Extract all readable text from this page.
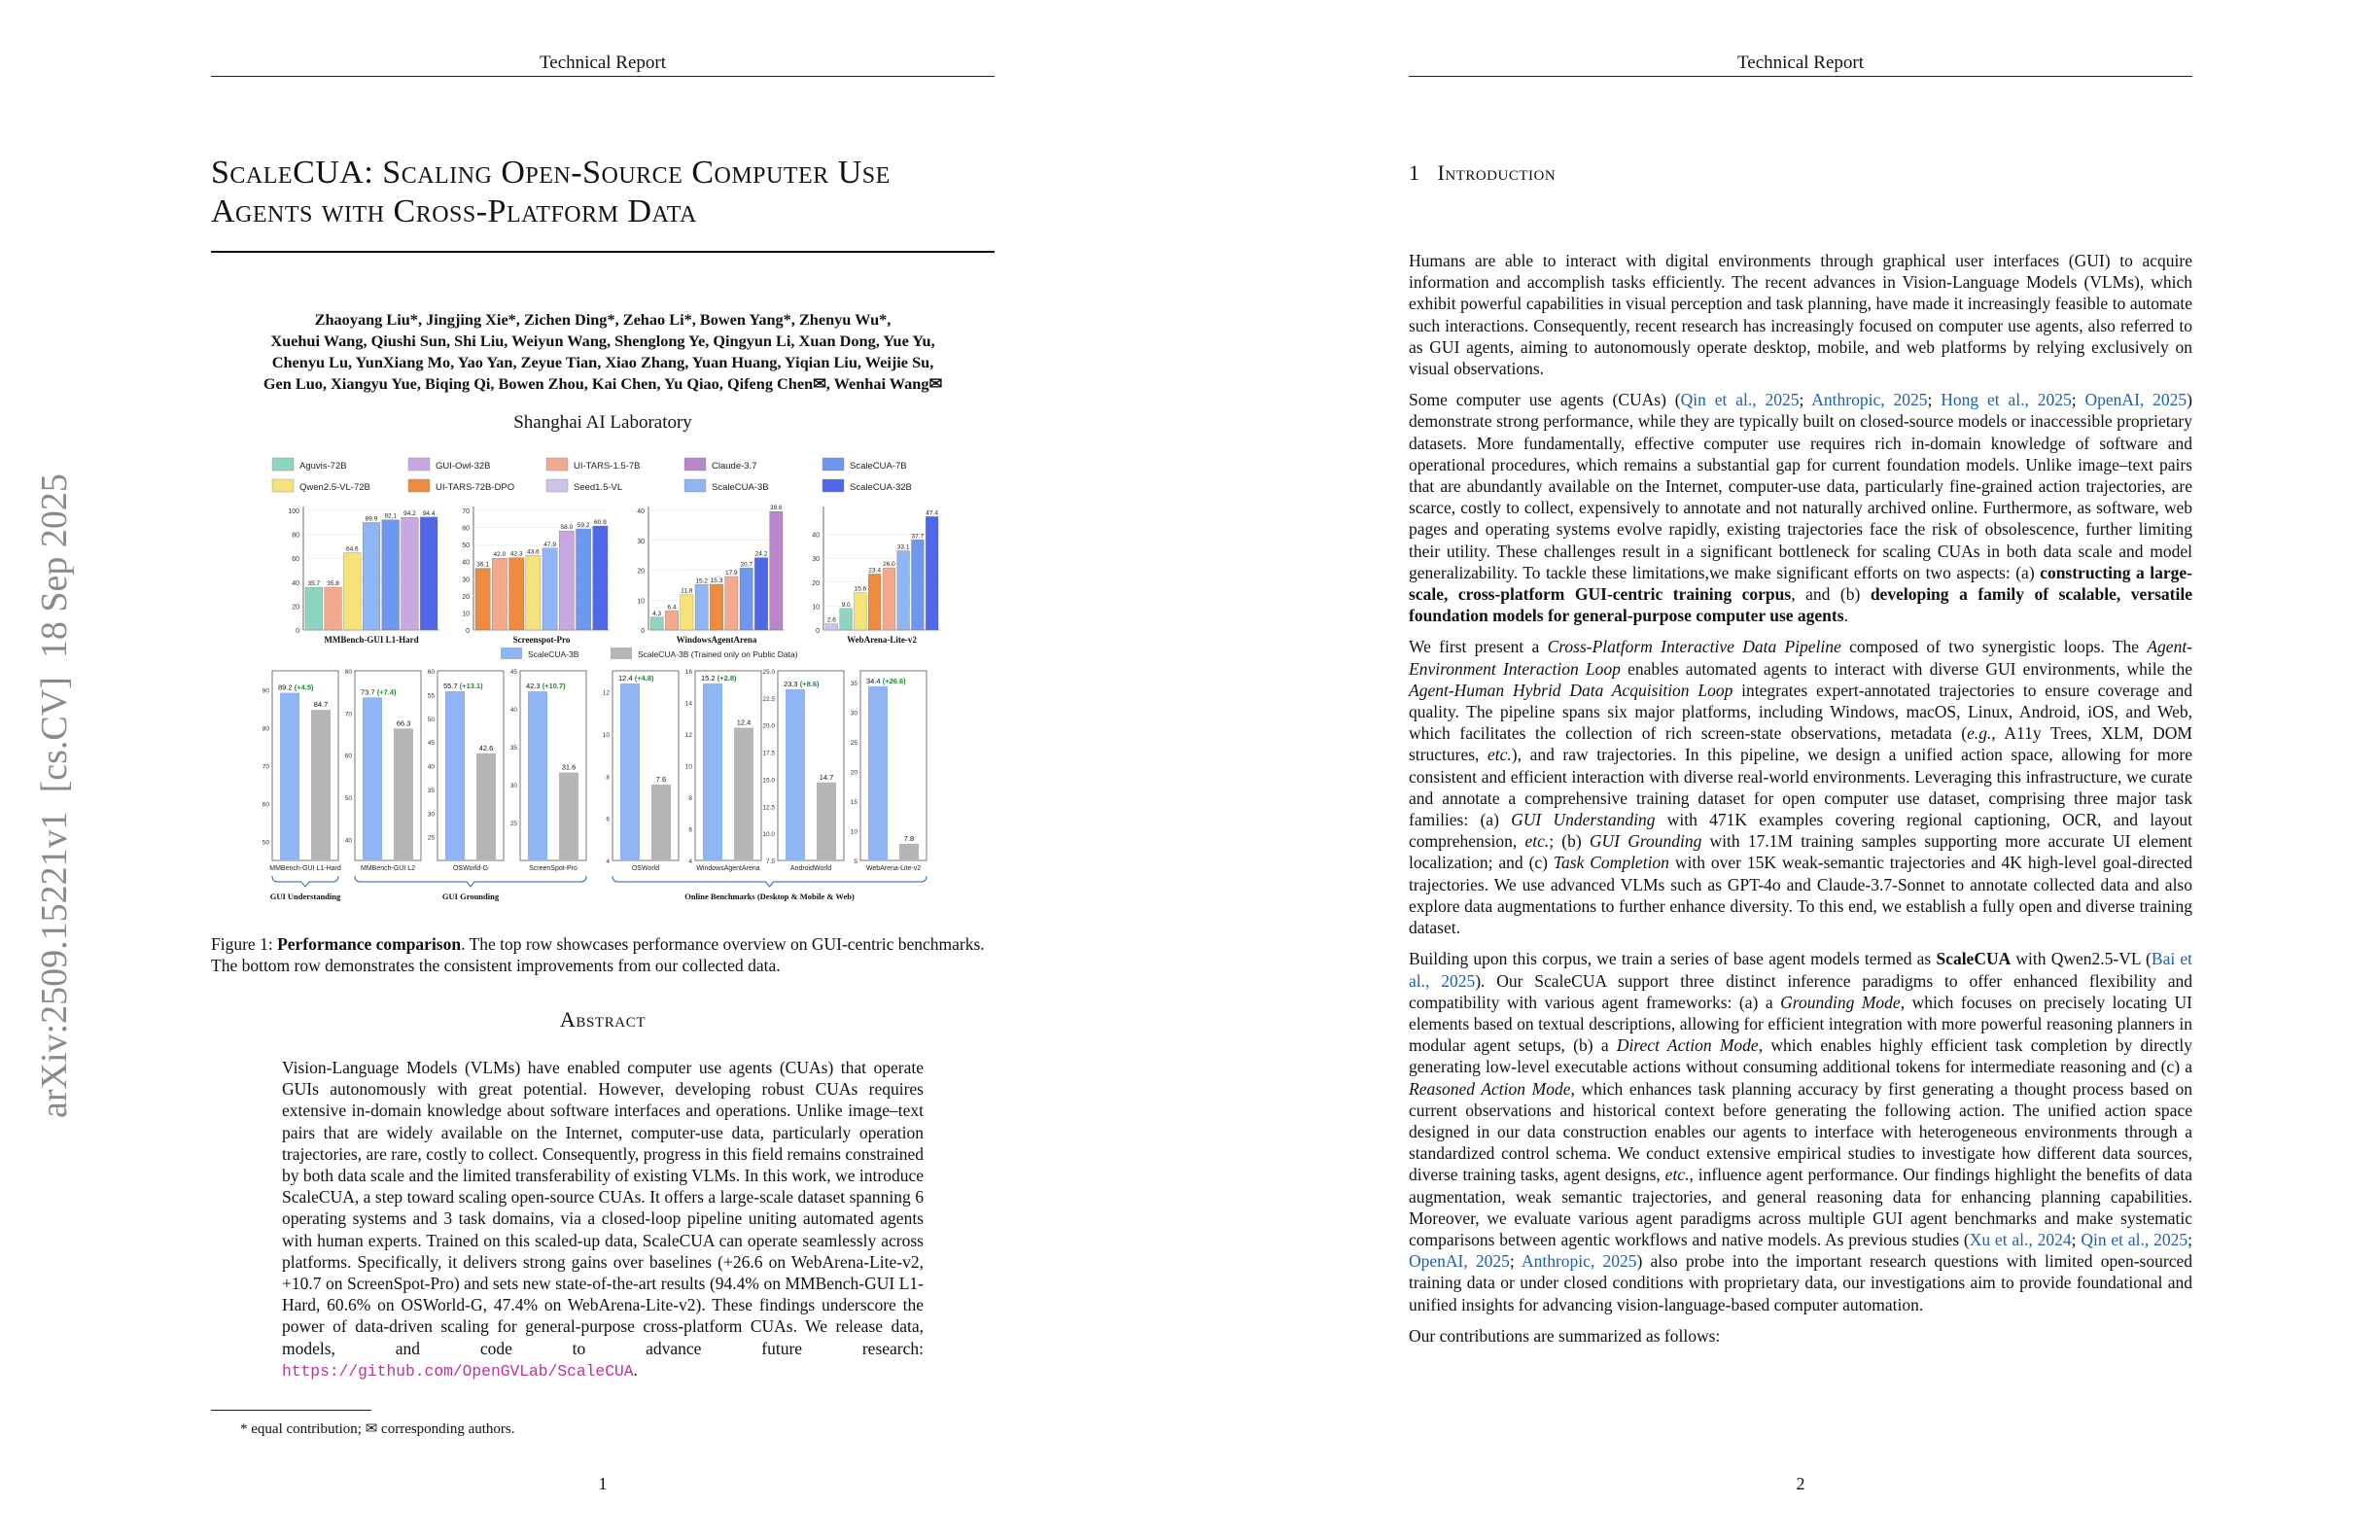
arXiv:2509.15221v1  [cs.CV]  18 Sep 2025
Technical Report
ScaleCUA: Scaling Open-Source Computer Use
Agents with Cross-Platform Data
Zhaoyang Liu*, Jingjing Xie*, Zichen Ding*, Zehao Li*, Bowen Yang*, Zhenyu Wu*,
Xuehui Wang, Qiushi Sun, Shi Liu, Weiyun Wang, Shenglong Ye, Qingyun Li, Xuan Dong, Yue Yu,
Chenyu Lu, YunXiang Mo, Yao Yan, Zeyue Tian, Xiao Zhang, Yuan Huang, Yiqian Liu, Weijie Su,
Gen Luo, Xiangyu Yue, Biqing Qi, Bowen Zhou, Kai Chen, Yu Qiao, Qifeng Chen✉, Wenhai Wang✉
Shanghai AI Laboratory
Aguvis-72B	GUI-Owl-32B	UI-TARS-1.5-7B	Claude-3.7	ScaleCUA-7B
Qwen2.5-VL-72B	UI-TARS-72B-DPO	Seed1.5-VL	ScaleCUA-3B	ScaleCUA-32B
0
20
40
60
80
100
35.7 35.8
64.6
89.9 92.1 94.2 94.4
MMBench-GUI L1-Hard
0
10
20
30
40
50
60
70
36.1
42.0 42.3 43.6
47.9
58.0 59.2 60.9
Screenspot-Pro
0
10
20
30
40
4.3
6.4
11.8
15.2 15.3
17.9
20.7
24.2
39.6
WindowsAgentArena
0
10
20
30
40
2.6
9.0
15.6
23.4
26.0
33.1
37.7
47.4
WebArena-Lite-v2
ScaleCUA-3B	ScaleCUA-3B (Trained only on Public Data)
50
60
70
80
90 89.2 (+4.5)
84.7
MMBench-GUI L1-Hard
40
50
60
70
80
73.7 (+7.4)
66.3
MMBench-GUI L2
25
30
35
40
45
50
55
60
55.7 (+13.1)
42.6
OSWorld-G
25
30
35
40
45
42.3 (+10.7)
31.6
ScreenSpot-Pro
4
6
8
10
12
12.4 (+4.8)
7.6
OSWorld
4
6
8
10
12
14
16
15.2 (+2.8)
12.4
WindowsAgentArena
7.5
10.0
12.5
15.0
17.5
20.0
22.5
25.0
23.3 (+8.6)
14.7
AndroidWorld
5
10
15
20
25
30
35 34.4 (+26.6)
7.8
WebArena-Lite-v2
GUI Understanding	GUI Grounding	Online Benchmarks (Desktop & Mobile & Web)
Figure 1: Performance comparison. The top row showcases performance overview on GUI-centric benchmarks. The bottom row demonstrates the consistent improvements from our collected data.
Abstract
Vision-Language Models (VLMs) have enabled computer use agents (CUAs) that operate GUIs autonomously with great potential. However, developing robust CUAs requires extensive in-domain knowledge about software interfaces and operations. Unlike image–text pairs that are widely available on the Internet, computer-use data, particularly operation trajectories, are rare, costly to collect. Consequently, progress in this field remains constrained by both data scale and the limited transferability of existing VLMs. In this work, we introduce ScaleCUA, a step toward scaling open-source CUAs. It offers a large-scale dataset spanning 6 operating systems and 3 task domains, via a closed-loop pipeline uniting automated agents with human experts. Trained on this scaled-up data, ScaleCUA can operate seamlessly across platforms. Specifically, it delivers strong gains over baselines (+26.6 on WebArena-Lite-v2, +10.7 on ScreenSpot-Pro) and sets new state-of-the-art results (94.4% on MMBench-GUI L1-Hard, 60.6% on OSWorld-G, 47.4% on WebArena-Lite-v2). These findings underscore the power of data-driven scaling for general-purpose cross-platform CUAs. We release data, models, and code to advance future research: https://github.com/OpenGVLab/ScaleCUA.
* equal contribution; ✉ corresponding authors.
1
Technical Report
1 Introduction

Humans are able to interact with digital environments through graphical user interfaces (GUI) to acquire information and accomplish tasks efficiently. The recent advances in Vision-Language Models (VLMs), which exhibit powerful capabilities in visual perception and task planning, have made it increasingly feasible to automate such interactions. Consequently, recent research has increasingly focused on computer use agents, also referred to as GUI agents, aiming to autonomously operate desktop, mobile, and web platforms by relying exclusively on visual observations.

Some computer use agents (CUAs) (Qin et al., 2025; Anthropic, 2025; Hong et al., 2025; OpenAI, 2025) demonstrate strong performance, while they are typically built on closed-source models or inaccessible proprietary datasets. More fundamentally, effective computer use requires rich in-domain knowledge of software and operational procedures, which remains a substantial gap for current foundation models. Unlike image–text pairs that are abundantly available on the Internet, computer-use data, particularly fine-grained action trajectories, are scarce, costly to collect, expensively to annotate and not naturally archived online. Furthermore, as software, web pages and operating systems evolve rapidly, existing trajectories face the risk of obsolescence, further limiting their utility. These challenges result in a significant bottleneck for scaling CUAs in both data scale and model generalizability. To tackle these limitations,we make significant efforts on two aspects: (a) constructing a large-scale, cross-platform GUI-centric training corpus, and (b) developing a family of scalable, versatile foundation models for general-purpose computer use agents.

We first present a Cross-Platform Interactive Data Pipeline composed of two synergistic loops. The Agent-Environment Interaction Loop enables automated agents to interact with diverse GUI environments, while the Agent-Human Hybrid Data Acquisition Loop integrates expert-annotated trajectories to ensure coverage and quality. The pipeline spans six major platforms, including Windows, macOS, Linux, Android, iOS, and Web, which facilitates the collection of rich screen-state observations, metadata (e.g., A11y Trees, XLM, DOM structures, etc.), and raw trajectories. In this pipeline, we design a unified action space, allowing for more consistent and efficient interaction with diverse real-world environments. Leveraging this infrastructure, we curate and annotate a comprehensive training dataset for open computer use dataset, comprising three major task families: (a) GUI Understanding with 471K examples covering regional captioning, OCR, and layout comprehension, etc.; (b) GUI Grounding with 17.1M training samples supporting more accurate UI element localization; and (c) Task Completion with over 15K weak-semantic trajectories and 4K high-level goal-directed trajectories. We use advanced VLMs such as GPT-4o and Claude-3.7-Sonnet to annotate collected data and also explore data augmentations to further enhance diversity. To this end, we establish a fully open and diverse training dataset.

Building upon this corpus, we train a series of base agent models termed as ScaleCUA with Qwen2.5-VL (Bai et al., 2025). Our ScaleCUA support three distinct inference paradigms to offer enhanced flexibility and compatibility with various agent frameworks: (a) a Grounding Mode, which focuses on precisely locating UI elements based on textual descriptions, allowing for efficient integration with more powerful reasoning planners in modular agent setups, (b) a Direct Action Mode, which enables highly efficient task completion by directly generating low-level executable actions without consuming additional tokens for intermediate reasoning and (c) a Reasoned Action Mode, which enhances task planning accuracy by first generating a thought process based on current observations and historical context before generating the following action. The unified action space designed in our data construction enables our agents to interface with heterogeneous environments through a standardized control schema. We conduct extensive empirical studies to investigate how different data sources, diverse training tasks, agent designs, etc., influence agent performance. Our findings highlight the benefits of data augmentation, weak semantic trajectories, and general reasoning data for enhancing planning capabilities. Moreover, we evaluate various agent paradigms across multiple GUI agent benchmarks and make systematic comparisons between agentic workflows and native models. As previous studies (Xu et al., 2024; Qin et al., 2025; OpenAI, 2025; Anthropic, 2025) also probe into the important research questions with limited open-sourced training data or under closed conditions with proprietary data, our investigations aim to provide foundational and unified insights for advancing vision-language-based computer automation.

Our contributions are summarized as follows:

2
